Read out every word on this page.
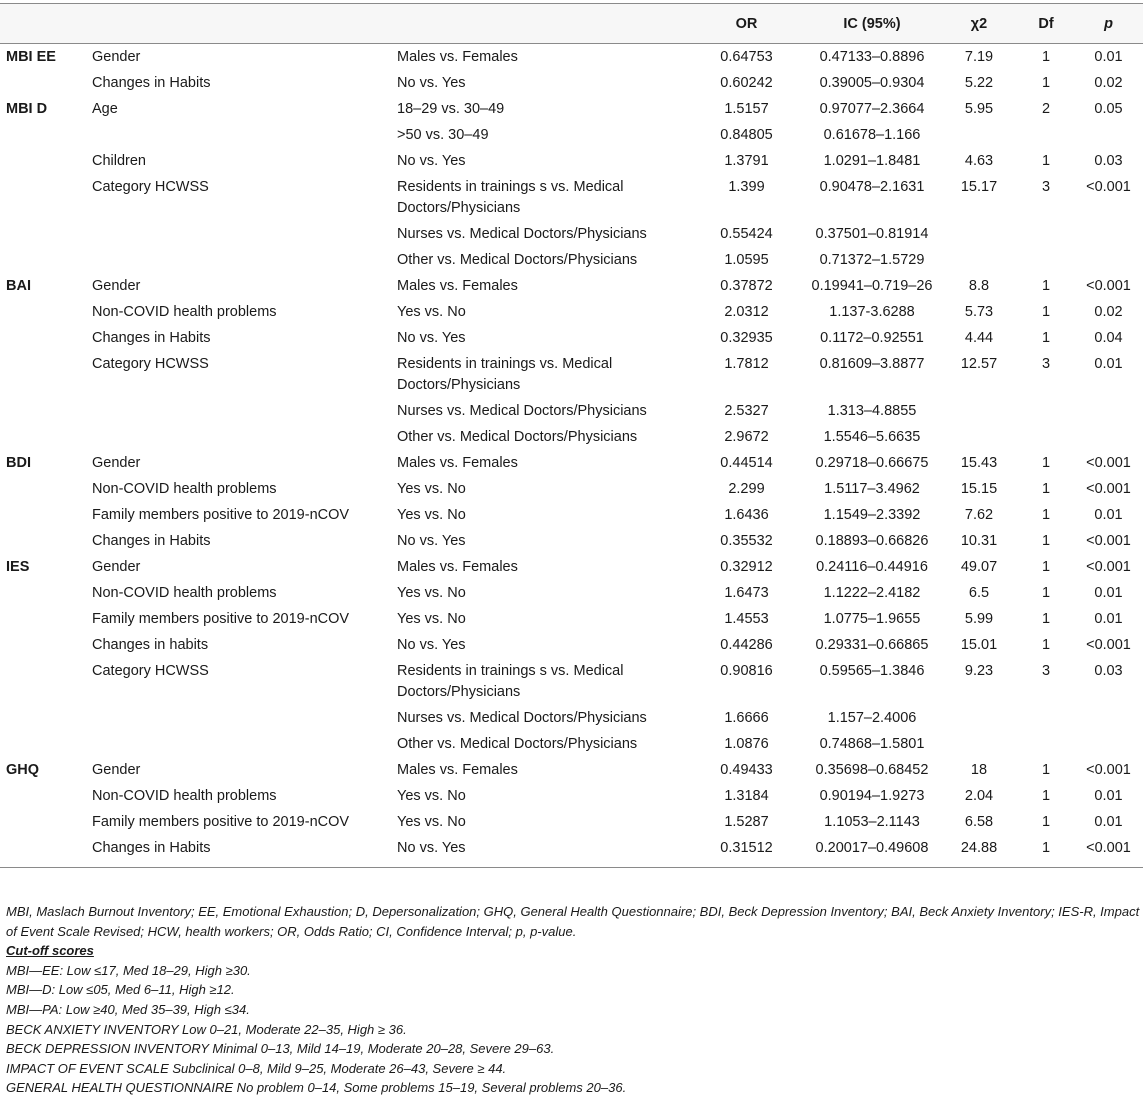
			OR	IC (95%)	χ2	Df	p
MBI EE	Gender	Males vs. Females	0.64753	0.47133–0.8896	7.19	1	0.01
	Changes in Habits	No vs. Yes	0.60242	0.39005–0.9304	5.22	1	0.02
MBI D	Age	18–29 vs. 30–49	1.5157	0.97077–2.3664	5.95	2	0.05
		>50 vs. 30–49	0.84805	0.61678–1.166			
	Children	No vs. Yes	1.3791	1.0291–1.8481	4.63	1	0.03
	Category HCWSS	Residents in trainings s vs. Medical Doctors/Physicians	1.399	0.90478–2.1631	15.17	3	<0.001
		Nurses vs. Medical Doctors/Physicians	0.55424	0.37501–0.81914			
		Other vs. Medical Doctors/Physicians	1.0595	0.71372–1.5729			
BAI	Gender	Males vs. Females	0.37872	0.19941–0.719–26	8.8	1	<0.001
	Non-COVID health problems	Yes vs. No	2.0312	1.137-3.6288	5.73	1	0.02
	Changes in Habits	No vs. Yes	0.32935	0.1172–0.92551	4.44	1	0.04
	Category HCWSS	Residents in trainings vs. Medical Doctors/Physicians	1.7812	0.81609–3.8877	12.57	3	0.01
		Nurses vs. Medical Doctors/Physicians	2.5327	1.313–4.8855			
		Other vs. Medical Doctors/Physicians	2.9672	1.5546–5.6635			
BDI	Gender	Males vs. Females	0.44514	0.29718–0.66675	15.43	1	<0.001
	Non-COVID health problems	Yes vs. No	2.299	1.5117–3.4962	15.15	1	<0.001
	Family members positive to 2019-nCOV	Yes vs. No	1.6436	1.1549–2.3392	7.62	1	0.01
	Changes in Habits	No vs. Yes	0.35532	0.18893–0.66826	10.31	1	<0.001
IES	Gender	Males vs. Females	0.32912	0.24116–0.44916	49.07	1	<0.001
	Non-COVID health problems	Yes vs. No	1.6473	1.1222–2.4182	6.5	1	0.01
	Family members positive to 2019-nCOV	Yes vs. No	1.4553	1.0775–1.9655	5.99	1	0.01
	Changes in habits	No vs. Yes	0.44286	0.29331–0.66865	15.01	1	<0.001
	Category HCWSS	Residents in trainings s vs. Medical Doctors/Physicians	0.90816	0.59565–1.3846	9.23	3	0.03
		Nurses vs. Medical Doctors/Physicians	1.6666	1.157–2.4006			
		Other vs. Medical Doctors/Physicians	1.0876	0.74868–1.5801			
GHQ	Gender	Males vs. Females	0.49433	0.35698–0.68452	18	1	<0.001
	Non-COVID health problems	Yes vs. No	1.3184	0.90194–1.9273	2.04	1	0.01
	Family members positive to 2019-nCOV	Yes vs. No	1.5287	1.1053–2.1143	6.58	1	0.01
	Changes in Habits	No vs. Yes	0.31512	0.20017–0.49608	24.88	1	<0.001

MBI, Maslach Burnout Inventory; EE, Emotional Exhaustion; D, Depersonalization; GHQ, General Health Questionnaire; BDI, Beck Depression Inventory; BAI, Beck Anxiety Inventory; IES-R, Impact of Event Scale Revised; HCW, health workers; OR, Odds Ratio; CI, Confidence Interval; p, p-value.

Cut-off scores

MBI—EE: Low ≤17, Med 18–29, High ≥30.

MBI—D: Low ≤05, Med 6–11, High ≥12.

MBI—PA: Low ≥40, Med 35–39, High ≤34.

BECK ANXIETY INVENTORY Low 0–21, Moderate 22–35, High ≥ 36.

BECK DEPRESSION INVENTORY Minimal 0–13, Mild 14–19, Moderate 20–28, Severe 29–63.

IMPACT OF EVENT SCALE Subclinical 0–8, Mild 9–25, Moderate 26–43, Severe ≥ 44.

GENERAL HEALTH QUESTIONNAIRE No problem 0–14, Some problems 15–19, Several problems 20–36.
